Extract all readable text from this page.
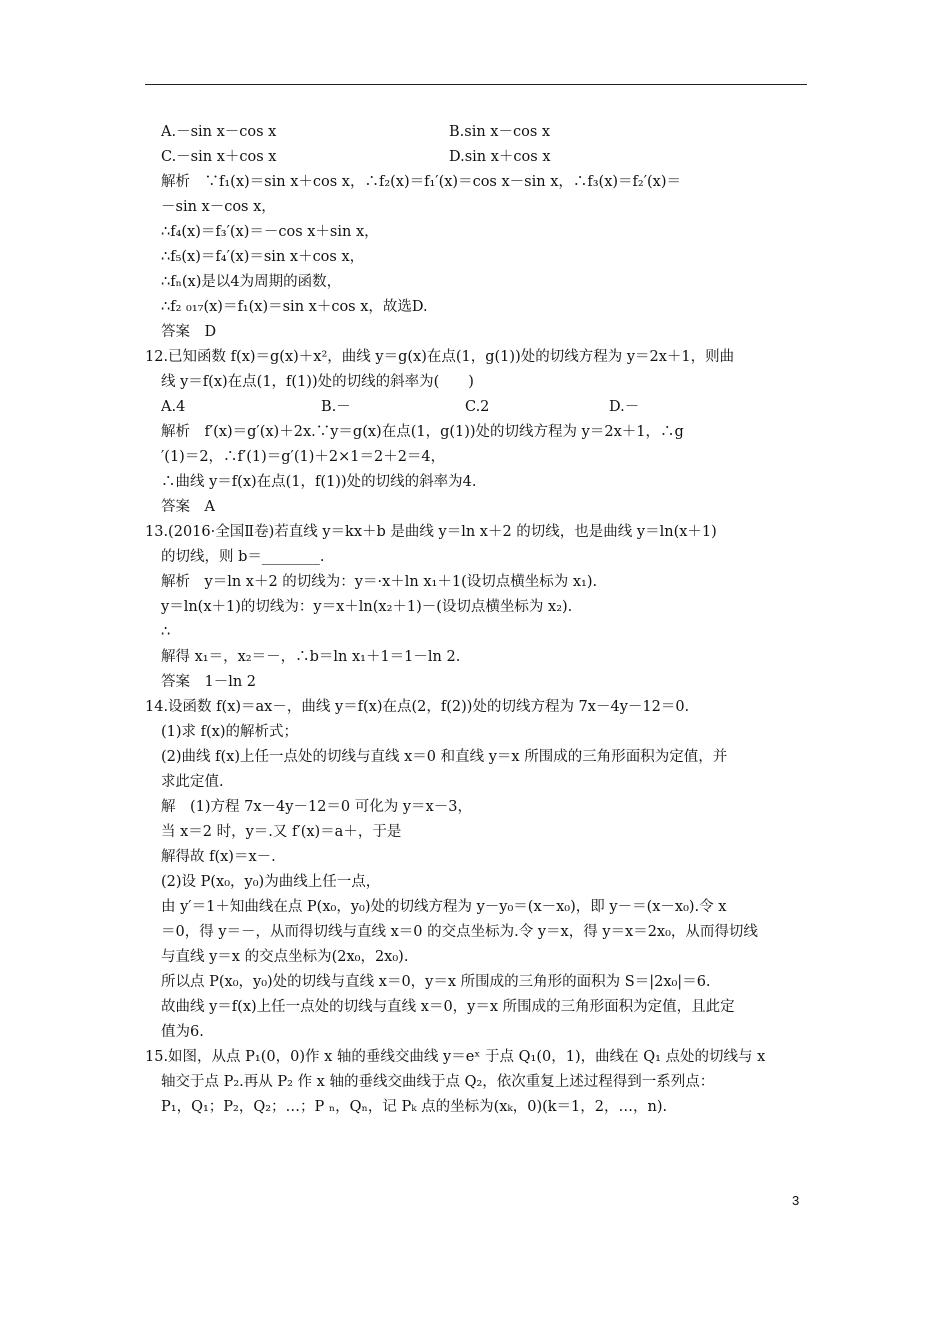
A.－sin x－cos x	B.sin x－cos x
C.－sin x＋cos x	D.sin x＋cos x
解析　∵f₁(x)＝sin x＋cos x，∴f₂(x)＝f₁′(x)＝cos x－sin x，∴f₃(x)＝f₂′(x)＝
－sin x－cos x，
∴f₄(x)＝f₃′(x)＝－cos x＋sin x，
∴f₅(x)＝f₄′(x)＝sin x＋cos x，
∴fₙ(x)是以4为周期的函数，
∴f₂ ₀₁₇(x)＝f₁(x)＝sin x＋cos x，故选D.
答案　D
12.已知函数 f(x)＝g(x)＋x²，曲线 y＝g(x)在点(1，g(1))处的切线方程为 y＝2x＋1，则曲
线 y＝f(x)在点(1，f(1))处的切线的斜率为(　　)
A.4	B.－	C.2	D.－
解析　f′(x)＝g′(x)＋2x.∵y＝g(x)在点(1，g(1))处的切线方程为 y＝2x＋1，∴g
′(1)＝2，∴f′(1)＝g′(1)＋2×1＝2＋2＝4，
∴曲线 y＝f(x)在点(1，f(1))处的切线的斜率为4.
答案　A
13.(2016·全国Ⅱ卷)若直线 y＝kx＋b 是曲线 y＝ln x＋2 的切线，也是曲线 y＝ln(x＋1)
的切线，则 b＝________.
解析　y＝ln x＋2 的切线为：y＝·x＋ln x₁＋1(设切点横坐标为 x₁).
y＝ln(x＋1)的切线为：y＝x＋ln(x₂＋1)－(设切点横坐标为 x₂).
∴
解得 x₁＝，x₂＝－，∴b＝ln x₁＋1＝1－ln 2.
答案　1－ln 2
14.设函数 f(x)＝ax－，曲线 y＝f(x)在点(2，f(2))处的切线方程为 7x－4y－12＝0.
(1)求 f(x)的解析式；
(2)曲线 f(x)上任一点处的切线与直线 x＝0 和直线 y＝x 所围成的三角形面积为定值，并
求此定值.
解　(1)方程 7x－4y－12＝0 可化为 y＝x－3，
当 x＝2 时，y＝.又 f′(x)＝a＋，于是
解得故 f(x)＝x－.
(2)设 P(x₀，y₀)为曲线上任一点，
由 y′＝1＋知曲线在点 P(x₀，y₀)处的切线方程为 y－y₀＝(x－x₀)，即 y－＝(x－x₀).令 x
＝0，得 y＝－，从而得切线与直线 x＝0 的交点坐标为.令 y＝x，得 y＝x＝2x₀，从而得切线
与直线 y＝x 的交点坐标为(2x₀，2x₀).
所以点 P(x₀，y₀)处的切线与直线 x＝0，y＝x 所围成的三角形的面积为 S＝|2x₀|＝6.
故曲线 y＝f(x)上任一点处的切线与直线 x＝0，y＝x 所围成的三角形面积为定值，且此定
值为6.
15.如图，从点 P₁(0，0)作 x 轴的垂线交曲线 y＝eˣ 于点 Q₁(0，1)，曲线在 Q₁ 点处的切线与 x
轴交于点 P₂.再从 P₂ 作 x 轴的垂线交曲线于点 Q₂，依次重复上述过程得到一系列点：
P₁，Q₁；P₂，Q₂；…；P ₙ，Qₙ，记 Pₖ 点的坐标为(xₖ，0)(k＝1，2，…，n).
3
